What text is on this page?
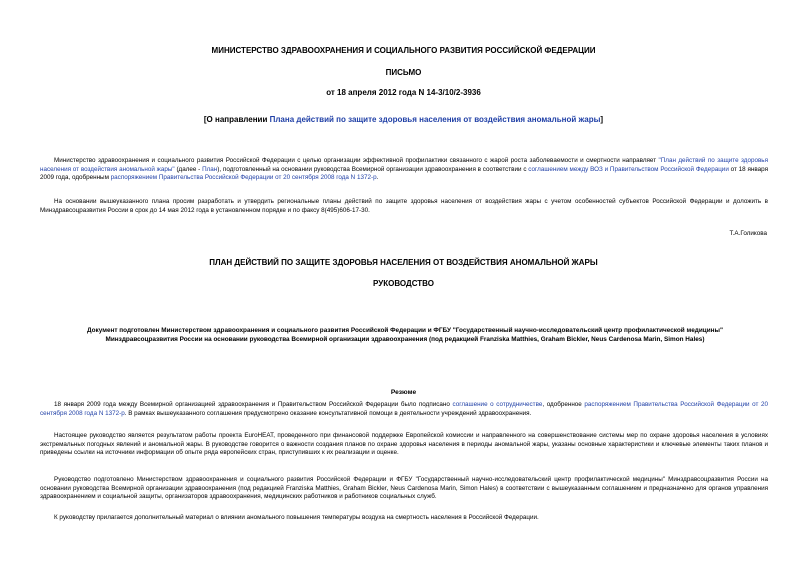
МИНИСТЕРСТВО ЗДРАВООХРАНЕНИЯ И СОЦИАЛЬНОГО РАЗВИТИЯ РОССИЙСКОЙ ФЕДЕРАЦИИ
ПИСЬМО
от 18 апреля 2012 года N 14-3/10/2-3936
[О направлении Плана действий по защите здоровья населения от воздействия аномальной жары]
Министерство здравоохранения и социального развития Российской Федерации с целью организации эффективной профилактики связанного с жарой роста заболеваемости и смертности направляет "План действий по защите здоровья населения от воздействия аномальной жары" (далее - План), подготовленный на основании руководства Всемирной организации здравоохранения в соответствии с соглашением между ВОЗ и Правительством Российской Федерации от 18 января 2009 года, одобренным распоряжением Правительства Российской Федерации от 20 сентября 2008 года N 1372-р.
На основании вышеуказанного плана просим разработать и утвердить региональные планы действий по защите здоровья населения от воздействия жары с учетом особенностей субъектов Российской Федерации и доложить в Минздравсоцразвития России в срок до 14 мая 2012 года в установленном порядке и по факсу 8(495)606-17-30.
Т.А.Голикова
ПЛАН ДЕЙСТВИЙ ПО ЗАЩИТЕ ЗДОРОВЬЯ НАСЕЛЕНИЯ ОТ ВОЗДЕЙСТВИЯ АНОМАЛЬНОЙ ЖАРЫ
РУКОВОДСТВО
Документ подготовлен Министерством здравоохранения и социального развития Российской Федерации и ФГБУ "Государственный научно-исследовательский центр профилактической медицины" Минздравсоцразвития России на основании руководства Всемирной организации здравоохранения (под редакцией Franziska Matthies, Graham Bickler, Neus Cardenosa Marin, Simon Hales)
Резюме
18 января 2009 года между Всемирной организацией здравоохранения и Правительством Российской Федерации было подписано соглашение о сотрудничестве, одобренное распоряжением Правительства Российской Федерации от 20 сентября 2008 года N 1372-р. В рамках вышеуказанного соглашения предусмотрено оказание консультативной помощи в деятельности учреждений здравоохранения.
Настоящее руководство является результатом работы проекта EuroHEAT, проведенного при финансовой поддержке Европейской комиссии и направленного на совершенствование системы мер по охране здоровья населения в условиях экстремальных погодных явлений и аномальной жары. В руководстве говорится о важности создания планов по охране здоровья населения в периоды аномальной жары, указаны основные характеристики и ключевые элементы таких планов и приведены ссылки на источники информации об опыте ряда европейских стран, приступивших к их реализации и оценке.
Руководство подготовлено Министерством здравоохранения и социального развития Российской Федерации и ФГБУ "Государственный научно-исследовательский центр профилактической медицины" Минздравсоцразвития России на основании руководства Всемирной организации здравоохранения (под редакцией Franziska Matthies, Graham Bickler, Neus Cardenosa Marin, Simon Hales) в соответствии с вышеуказанным соглашением и предназначено для органов управления здравоохранением и социальной защиты, организаторов здравоохранения, медицинских работников и работников социальных служб.
К руководству прилагается дополнительный материал о влиянии аномального повышения температуры воздуха на смертность населения в Российской Федерации.
